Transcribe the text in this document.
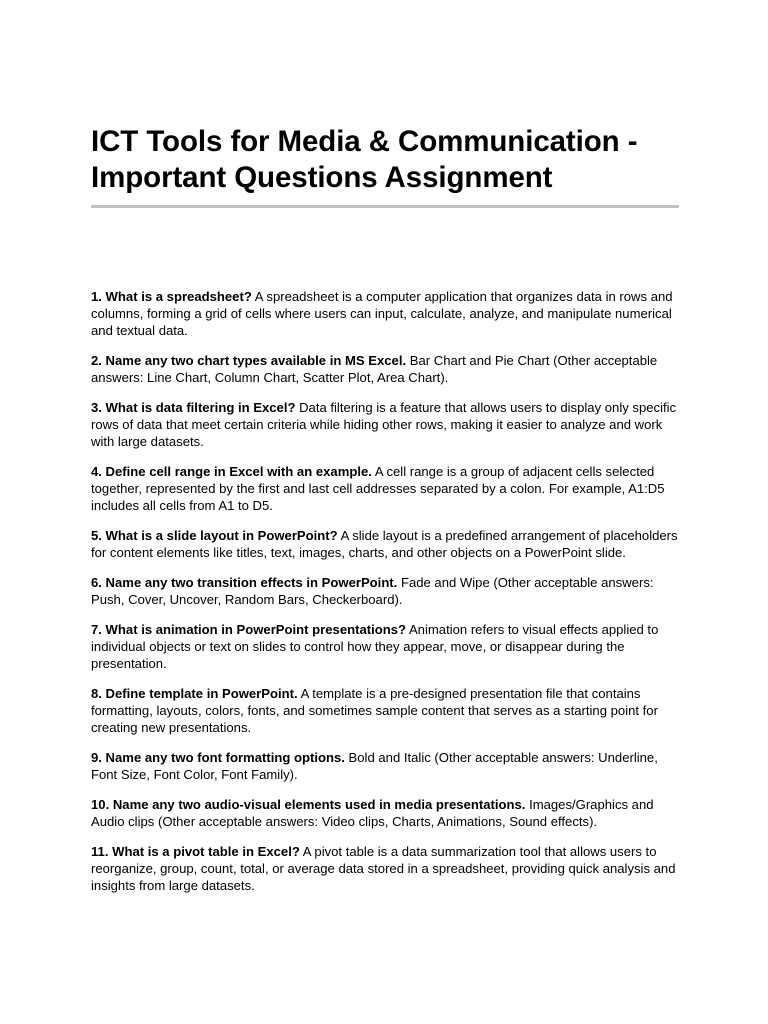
ICT Tools for Media & Communication -
Important Questions Assignment

1. What is a spreadsheet? A spreadsheet is a computer application that organizes data in rows and columns, forming a grid of cells where users can input, calculate, analyze, and manipulate numerical and textual data.

2. Name any two chart types available in MS Excel. Bar Chart and Pie Chart (Other acceptable answers: Line Chart, Column Chart, Scatter Plot, Area Chart).

3. What is data filtering in Excel? Data filtering is a feature that allows users to display only specific rows of data that meet certain criteria while hiding other rows, making it easier to analyze and work with large datasets.

4. Define cell range in Excel with an example. A cell range is a group of adjacent cells selected together, represented by the first and last cell addresses separated by a colon. For example, A1:D5 includes all cells from A1 to D5.

5. What is a slide layout in PowerPoint? A slide layout is a predefined arrangement of placeholders for content elements like titles, text, images, charts, and other objects on a PowerPoint slide.

6. Name any two transition effects in PowerPoint. Fade and Wipe (Other acceptable answers: Push, Cover, Uncover, Random Bars, Checkerboard).

7. What is animation in PowerPoint presentations? Animation refers to visual effects applied to individual objects or text on slides to control how they appear, move, or disappear during the presentation.

8. Define template in PowerPoint. A template is a pre-designed presentation file that contains formatting, layouts, colors, fonts, and sometimes sample content that serves as a starting point for creating new presentations.

9. Name any two font formatting options. Bold and Italic (Other acceptable answers: Underline, Font Size, Font Color, Font Family).

10. Name any two audio-visual elements used in media presentations. Images/Graphics and Audio clips (Other acceptable answers: Video clips, Charts, Animations, Sound effects).

11. What is a pivot table in Excel? A pivot table is a data summarization tool that allows users to reorganize, group, count, total, or average data stored in a spreadsheet, providing quick analysis and insights from large datasets.
